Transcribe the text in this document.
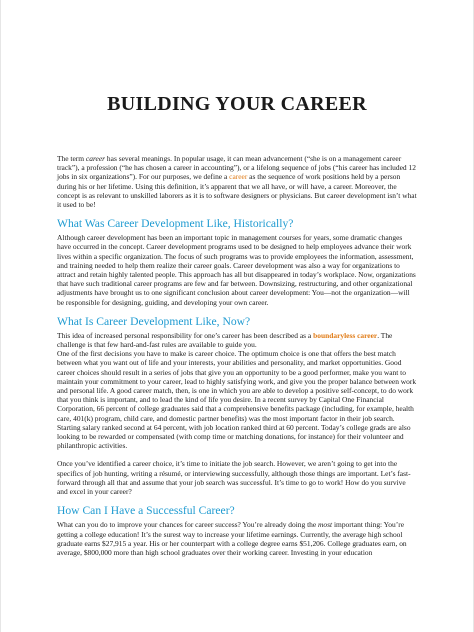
BUILDING YOUR CAREER

The term career has several meanings. In popular usage, it can mean advancement (“she is on a management career track”), a profession (“he has chosen a career in accounting”), or a lifelong sequence of jobs (“his career has included 12 jobs in six organizations”). For our purposes, we define a career as the sequence of work positions held by a person during his or her lifetime. Using this definition, it’s apparent that we all have, or will have, a career. Moreover, the concept is as relevant to unskilled laborers as it is to software designers or physicians. But career development isn’t what it used to be!

What Was Career Development Like, Historically?

Although career development has been an important topic in management courses for years, some dramatic changes have occurred in the concept. Career development programs used to be designed to help employees advance their work lives within a specific organization. The focus of such programs was to provide employees the information, assessment, and training needed to help them realize their career goals. Career development was also a way for organizations to attract and retain highly talented people. This approach has all but disappeared in today’s workplace. Now, organizations that have such traditional career programs are few and far between. Downsizing, restructuring, and other organizational adjustments have brought us to one significant conclusion about career development: You—not the organization—will be responsible for designing, guiding, and developing your own career.

What Is Career Development Like, Now?

This idea of increased personal responsibility for one’s career has been described as a boundaryless career. The challenge is that few hard-and-fast rules are available to guide you.

One of the first decisions you have to make is career choice. The optimum choice is one that offers the best match between what you want out of life and your interests, your abilities and personality, and market opportunities. Good career choices should result in a series of jobs that give you an opportunity to be a good performer, make you want to maintain your commitment to your career, lead to highly satisfying work, and give you the proper balance between work and personal life. A good career match, then, is one in which you are able to develop a positive self-concept, to do work that you think is important, and to lead the kind of life you desire. In a recent survey by Capital One Financial Corporation, 66 percent of college graduates said that a comprehensive benefits package (including, for example, health care, 401(k) program, child care, and domestic partner benefits) was the most important factor in their job search. Starting salary ranked second at 64 percent, with job location ranked third at 60 percent. Today’s college grads are also looking to be rewarded or compensated (with comp time or matching donations, for instance) for their volunteer and philanthropic activities.

Once you’ve identified a career choice, it’s time to initiate the job search. However, we aren’t going to get into the specifics of job hunting, writing a résumé, or interviewing successfully, although those things are important. Let’s fast-forward through all that and assume that your job search was successful. It’s time to go to work! How do you survive and excel in your career?

How Can I Have a Successful Career?

What can you do to improve your chances for career success? You’re already doing the most important thing: You’re getting a college education! It’s the surest way to increase your lifetime earnings. Currently, the average high school graduate earns $27,915 a year. His or her counterpart with a college degree earns $51,206. College graduates earn, on average, $800,000 more than high school graduates over their working career. Investing in your education
